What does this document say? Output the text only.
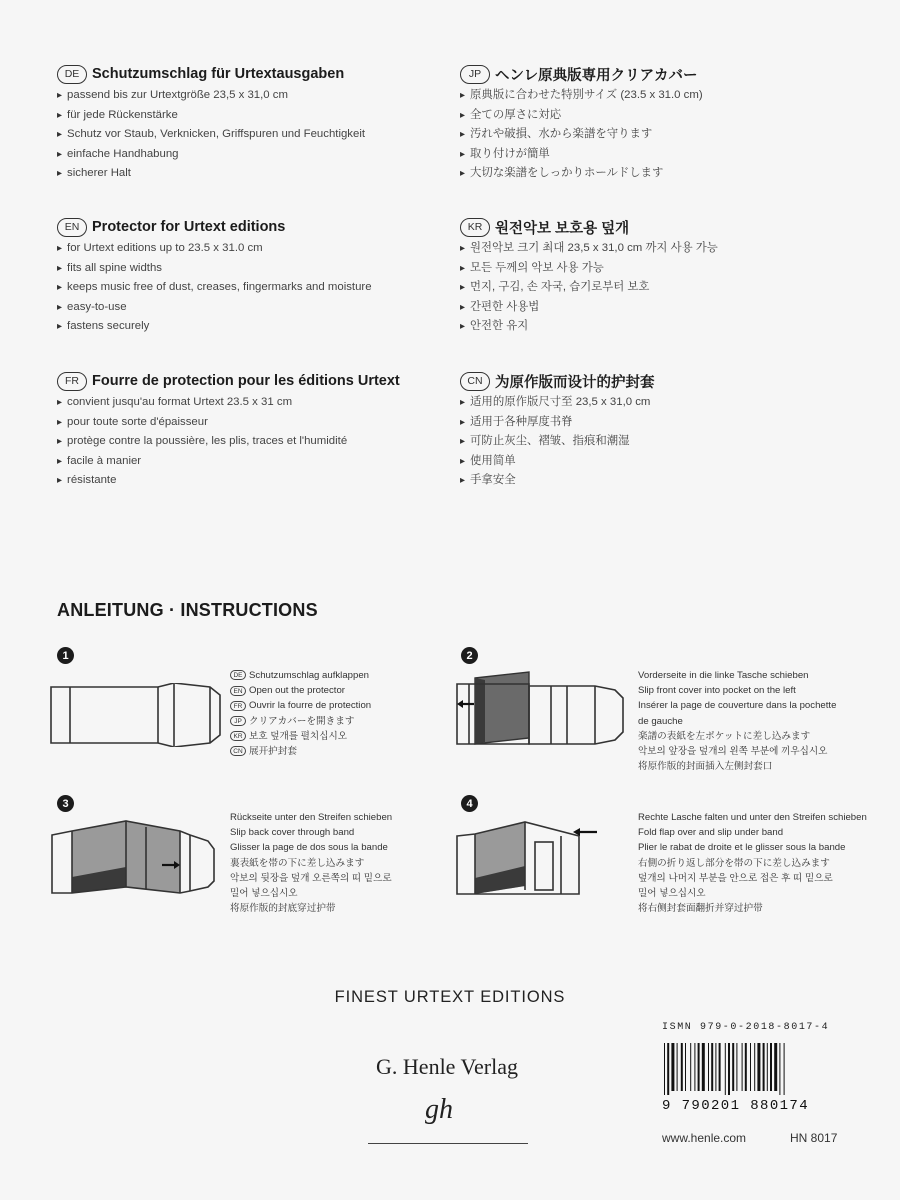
DE Schutzumschlag für Urtextausgaben
▸ passend bis zur Urtextgröße 23,5 x 31,0 cm
▸ für jede Rückenstärke
▸ Schutz vor Staub, Verknicken, Griffspuren und Feuchtigkeit
▸ einfache Handhabung
▸ sicherer Halt
JP ヘンレ原典版専用クリアカバー
▸ 原典版に合わせた特別サイズ (23.5 x 31.0 cm)
▸ 全ての厚さに対応
▸ 汚れや破損、水から楽譜を守ります
▸ 取り付けが簡単
▸ 大切な楽譜をしっかりホールドします
EN Protector for Urtext editions
▸ for Urtext editions up to 23.5 x 31.0 cm
▸ fits all spine widths
▸ keeps music free of dust, creases, fingermarks and moisture
▸ easy-to-use
▸ fastens securely
KR 원전악보 보호용 덮개
▸ 원전악보 크기 최대 23,5 x 31,0 cm 까지 사용 가능
▸ 모든 두께의 악보 사용 가능
▸ 먼지, 구김, 손 자국, 습기로부터 보호
▸ 간편한 사용법
▸ 안전한 유지
FR Fourre de protection pour les éditions Urtext
▸ convient jusqu'au format Urtext 23.5 x 31 cm
▸ pour toute sorte d'épaisseur
▸ protège contre la poussière, les plis, traces et l'humidité
▸ facile à manier
▸ résistante
CN 为原作版而设计的护封套
▸ 适用的原作版尺寸至 23,5 x 31,0 cm
▸ 适用于各种厚度书脊
▸ 可防止灰尘、褶皱、指痕和潮湿
▸ 使用简单
▸ 手拿安全
ANLEITUNG · INSTRUCTIONS
1
DE Schutzumschlag aufklappen
EN Open out the protector
FR Ouvrir la fourre de protection
JP クリアカバーを開きます
KR 보호 덮개를 펼치십시오
CN 展开护封套
2
Vorderseite in die linke Tasche schieben
Slip front cover into pocket on the left
Insérer la page de couverture dans la pochette
de gauche
楽譜の表紙を左ポケットに差し込みます
악보의 앞장을 덮개의 왼쪽 부분에 끼우십시오
将原作版的封面插入左侧封套口
3
Rückseite unter den Streifen schieben
Slip back cover through band
Glisser la page de dos sous la bande
裏表紙を帯の下に差し込みます
악보의 뒷장을 덮개 오른쪽의 띠 밑으로
밀어 넣으십시오
将原作版的封底穿过护带
4
Rechte Lasche falten und unter den Streifen schieben
Fold flap over and slip under band
Plier le rabat de droite et le glisser sous la bande
右側の折り返し部分を帯の下に差し込みます
덮개의 나머지 부분을 안으로 접은 후 띠 밑으로
밀어 넣으십시오
将右侧封套面翻折并穿过护带
FINEST URTEXT EDITIONS
G. Henle Verlag
gh
ISMN 979-0-2018-8017-4
9 790201 880174
www.henle.com	HN 8017
